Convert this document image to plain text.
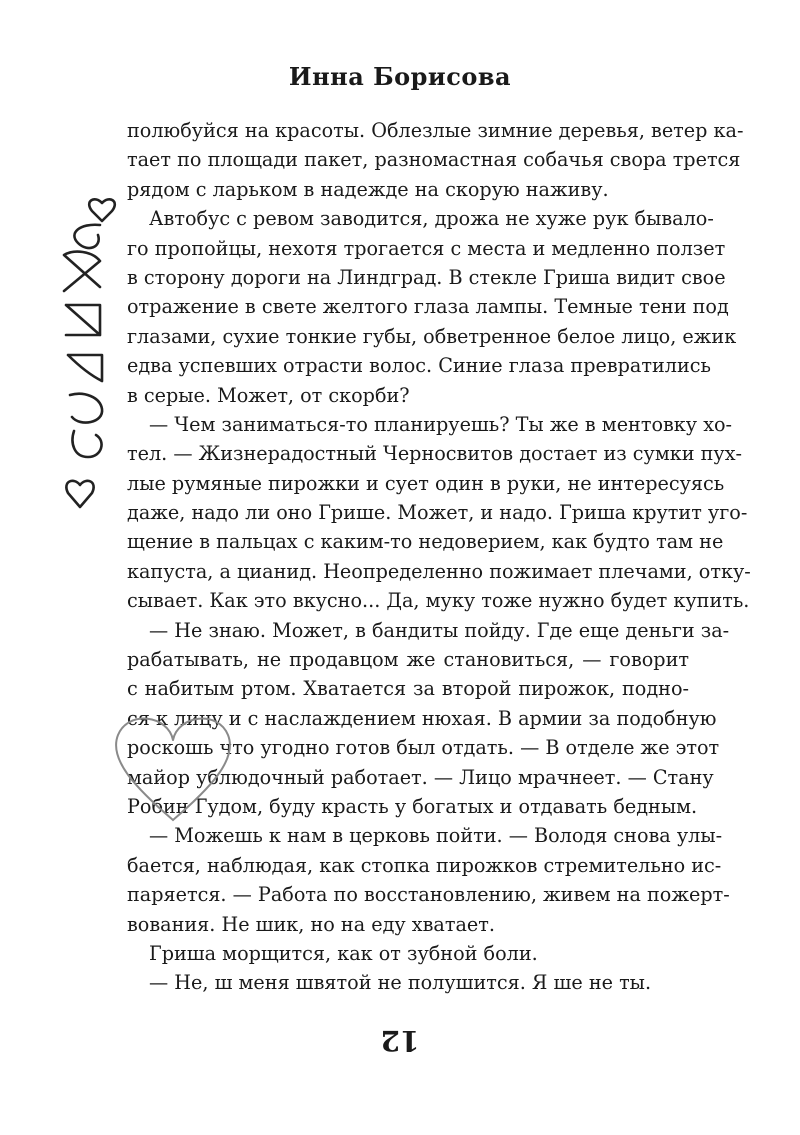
Инна Борисова
полюбуйся на красоты. Облезлые зимние деревья, ветер ка-
тает по площади пакет, разномастная собачья свора трется
рядом с ларьком в надежде на скорую наживу.
Автобус с ревом заводится, дрожа не хуже рук бывало-
го пропойцы, нехотя трогается с места и медленно ползет
в сторону дороги на Линдград. В стекле Гриша видит свое
отражение в свете желтого глаза лампы. Темные тени под
глазами, сухие тонкие губы, обветренное белое лицо, ежик
едва успевших отрасти волос. Синие глаза превратились
в серые. Может, от скорби?
— Чем заниматься-то планируешь? Ты же в ментовку хо-
тел. — Жизнерадостный Черносвитов достает из сумки пух-
лые румяные пирожки и сует один в руки, не интересуясь
даже, надо ли оно Грише. Может, и надо. Гриша крутит уго-
щение в пальцах с каким-то недоверием, как будто там не
капуста, а цианид. Неопределенно пожимает плечами, отку-
сывает. Как это вкусно... Да, муку тоже нужно будет купить.
— Не знаю. Может, в бандиты пойду. Где еще деньги за-
рабатывать, не продавцом же становиться, — говорит
с набитым ртом. Хватается за второй пирожок, подно-
ся к лицу и с наслаждением нюхая. В армии за подобную
роскошь что угодно готов был отдать. — В отделе же этот
майор ублюдочный работает. — Лицо мрачнеет. — Стану
Робин Гудом, буду красть у богатых и отдавать бедным.
— Можешь к нам в церковь пойти. — Володя снова улы-
бается, наблюдая, как стопка пирожков стремительно ис-
паряется. — Работа по восстановлению, живем на пожерт-
вования. Не шик, но на еду хватает.
Гриша морщится, как от зубной боли.
— Не, ш меня швятой не полушится. Я ше не ты.
12
